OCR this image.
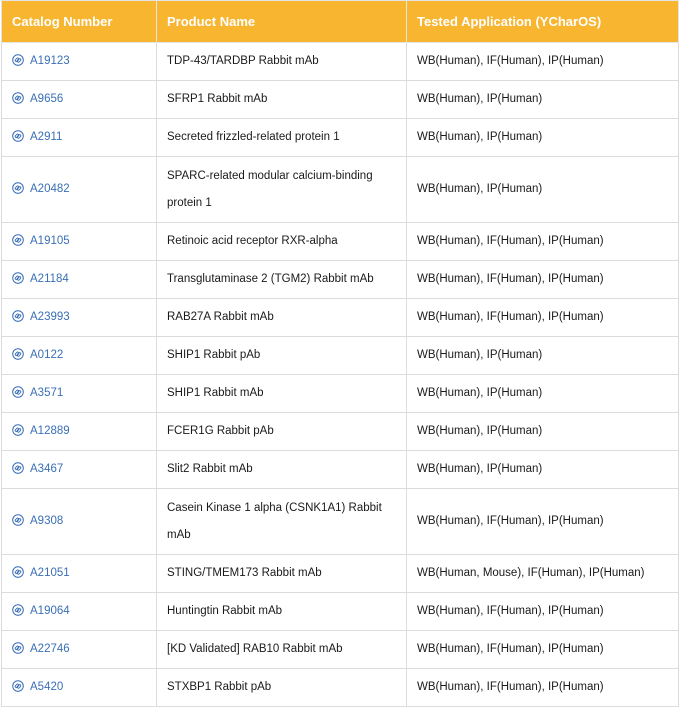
Catalog Number	Product Name	Tested Application (YCharOS)

A19123	TDP-43/TARDBP Rabbit mAb	WB(Human), IF(Human), IP(Human)

A9656	SFRP1 Rabbit mAb	WB(Human), IP(Human)

A2911	Secreted frizzled-related protein 1	WB(Human), IP(Human)

A20482	SPARC-related modular calcium-binding protein 1	WB(Human), IP(Human)

A19105	Retinoic acid receptor RXR-alpha	WB(Human), IF(Human), IP(Human)

A21184	Transglutaminase 2 (TGM2) Rabbit mAb	WB(Human), IF(Human), IP(Human)

A23993	RAB27A Rabbit mAb	WB(Human), IF(Human), IP(Human)

A0122	SHIP1 Rabbit pAb	WB(Human), IP(Human)

A3571	SHIP1 Rabbit mAb	WB(Human), IP(Human)

A12889	FCER1G Rabbit pAb	WB(Human), IP(Human)

A3467	Slit2 Rabbit mAb	WB(Human), IP(Human)

A9308	Casein Kinase 1 alpha (CSNK1A1) Rabbit mAb	WB(Human), IF(Human), IP(Human)

A21051	STING/TMEM173 Rabbit mAb	WB(Human, Mouse), IF(Human), IP(Human)

A19064	Huntingtin Rabbit mAb	WB(Human), IF(Human), IP(Human)

A22746	[KD Validated] RAB10 Rabbit mAb	WB(Human), IF(Human), IP(Human)

A5420	STXBP1 Rabbit pAb	WB(Human), IF(Human), IP(Human)
